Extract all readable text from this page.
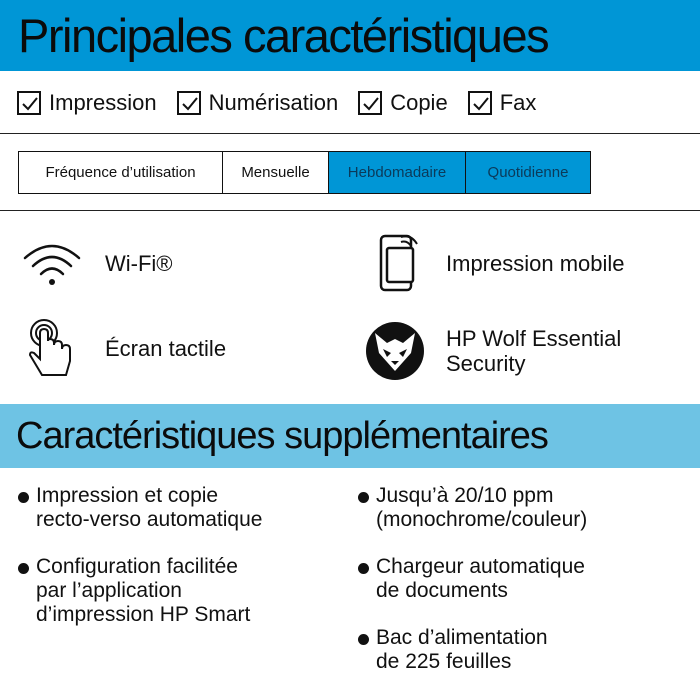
Principales caractéristiques
Impression Numérisation Copie Fax
Fréquence d’utilisation	Mensuelle	Hebdomadaire	Quotidienne
Wi-Fi®	Impression mobile
Écran tactile	HP Wolf Essential
Security
Caractéristiques supplémentaires
Impression et copie
recto-verso automatique
Configuration facilitée
par l’application
d’impression HP Smart
Jusqu’à 20/10 ppm
(monochrome/couleur)
Chargeur automatique
de documents
Bac d’alimentation
de 225 feuilles
